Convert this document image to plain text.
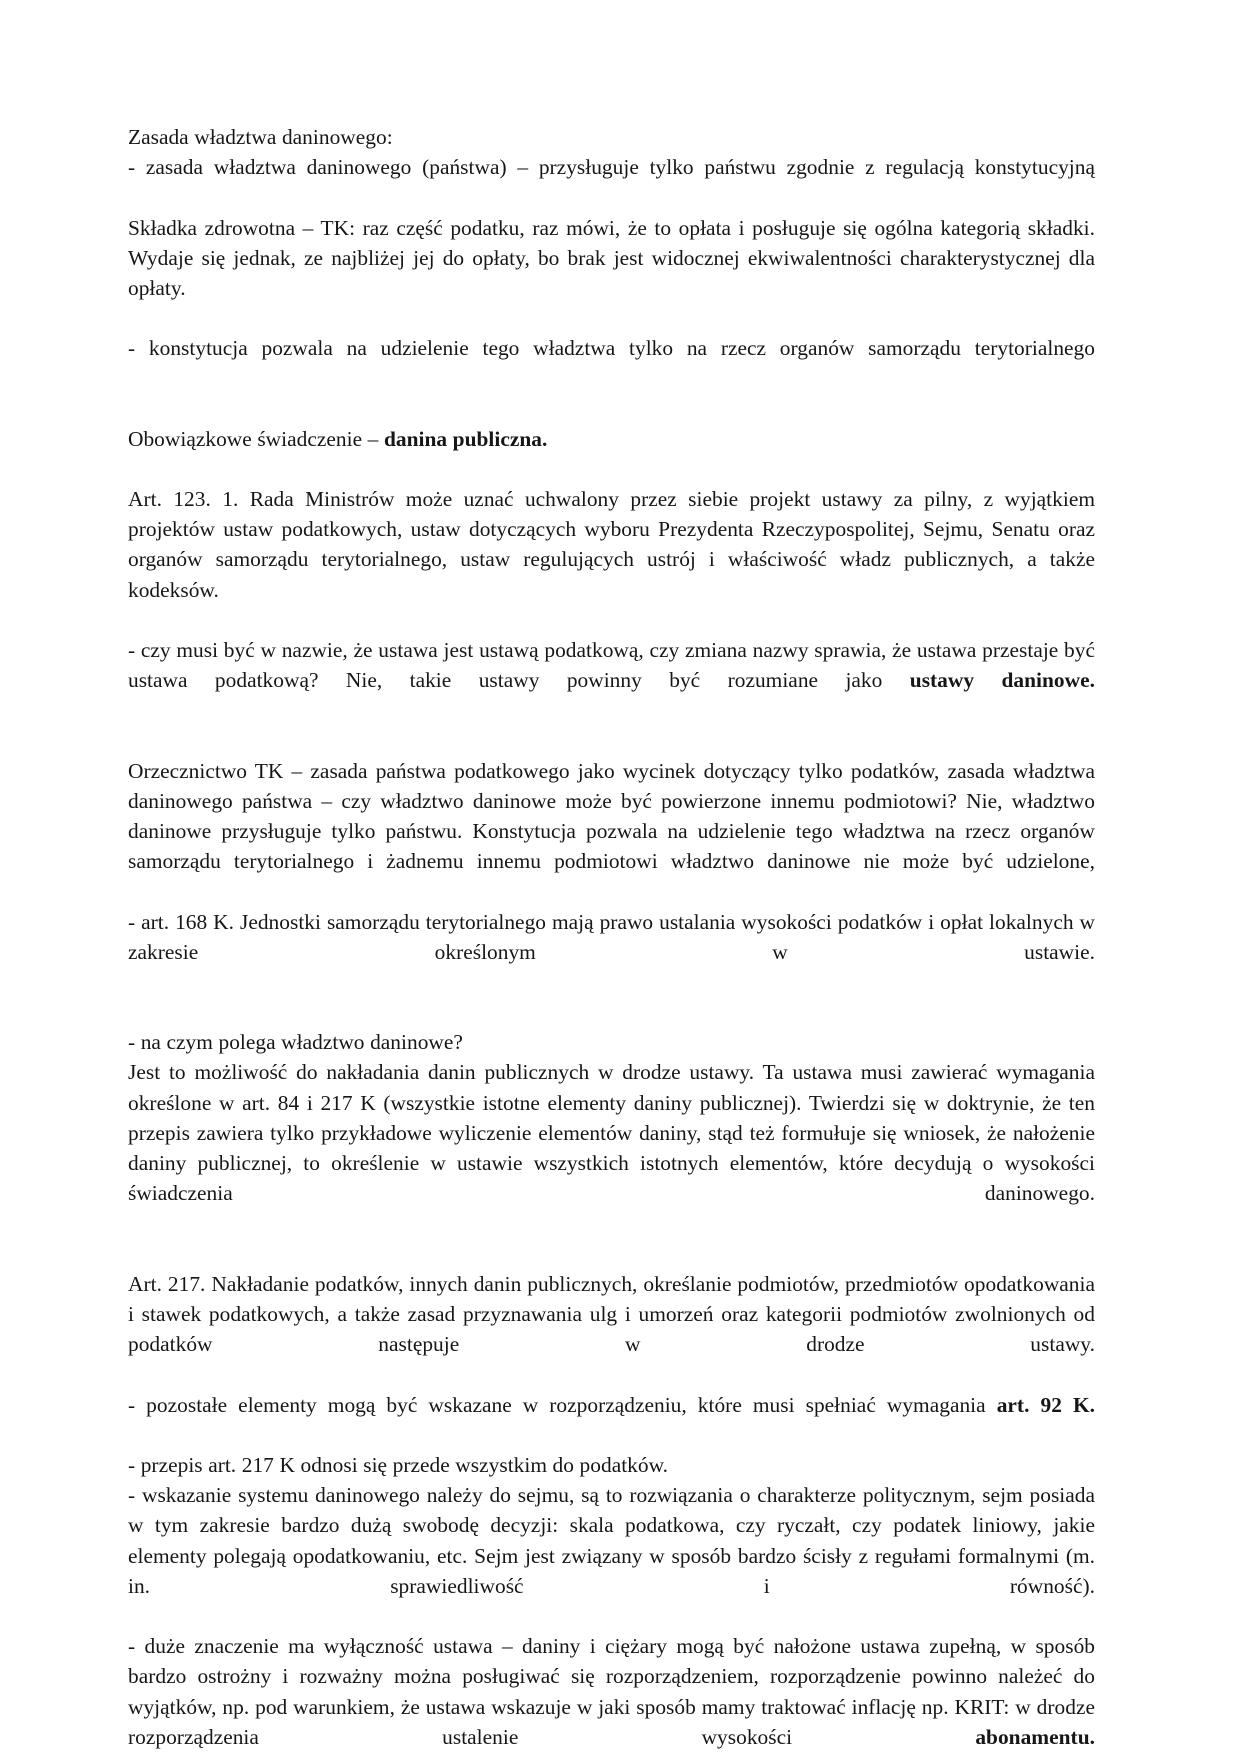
Zasada władztwa daninowego:

- zasada władztwa daninowego (państwa) – przysługuje tylko państwu zgodnie z regulacją konstytucyjną

Składka zdrowotna – TK: raz część podatku, raz mówi, że to opłata i posługuje się ogólna kategorią składki. Wydaje się jednak, ze najbliżej jej do opłaty, bo brak jest widocznej ekwiwalentności charakterystycznej dla opłaty.

- konstytucja pozwala na udzielenie tego władztwa tylko na rzecz organów samorządu terytorialnego

Obowiązkowe świadczenie – danina publiczna.

Art. 123. 1. Rada Ministrów może uznać uchwalony przez siebie projekt ustawy za pilny, z wyjątkiem projektów ustaw podatkowych, ustaw dotyczących wyboru Prezydenta Rzeczypospolitej, Sejmu, Senatu oraz organów samorządu terytorialnego, ustaw regulujących ustrój i właściwość władz publicznych, a także kodeksów.

- czy musi być w nazwie, że ustawa jest ustawą podatkową, czy zmiana nazwy sprawia, że ustawa przestaje być ustawa podatkową? Nie, takie ustawy powinny być rozumiane jako ustawy daninowe.

Orzecznictwo TK – zasada państwa podatkowego jako wycinek dotyczący tylko podatków, zasada władztwa daninowego państwa – czy władztwo daninowe może być powierzone innemu podmiotowi? Nie, władztwo daninowe przysługuje tylko państwu. Konstytucja pozwala na udzielenie tego władztwa na rzecz organów samorządu terytorialnego i żadnemu innemu podmiotowi władztwo daninowe nie może być udzielone,

- art. 168 K. Jednostki samorządu terytorialnego mają prawo ustalania wysokości podatków i opłat lokalnych w zakresie określonym w ustawie.

- na czym polega władztwo daninowe?

Jest to możliwość do nakładania danin publicznych w drodze ustawy. Ta ustawa musi zawierać wymagania określone w art. 84 i 217 K (wszystkie istotne elementy daniny publicznej). Twierdzi się w doktrynie, że ten przepis zawiera tylko przykładowe wyliczenie elementów daniny, stąd też formułuje się wniosek, że nałożenie daniny publicznej, to określenie w ustawie wszystkich istotnych elementów, które decydują o wysokości świadczenia daninowego.

Art. 217. Nakładanie podatków, innych danin publicznych, określanie podmiotów, przedmiotów opodatkowania i stawek podatkowych, a także zasad przyznawania ulg i umorzeń oraz kategorii podmiotów zwolnionych od podatków następuje w drodze ustawy.

- pozostałe elementy mogą być wskazane w rozporządzeniu, które musi spełniać wymagania art. 92 K.

- przepis art. 217 K odnosi się przede wszystkim do podatków.

- wskazanie systemu daninowego należy do sejmu, są to rozwiązania o charakterze politycznym, sejm posiada w tym zakresie bardzo dużą swobodę decyzji: skala podatkowa, czy ryczałt, czy podatek liniowy, jakie elementy polegają opodatkowaniu, etc. Sejm jest związany w sposób bardzo ścisły z regułami formalnymi (m. in. sprawiedliwość i równość).

- duże znaczenie ma wyłączność ustawa – daniny i ciężary mogą być nałożone ustawa zupełną, w sposób bardzo ostrożny i rozważny można posługiwać się rozporządzeniem, rozporządzenie powinno należeć do wyjątków, np. pod warunkiem, że ustawa wskazuje w jaki sposób mamy traktować inflację np. KRIT: w drodze rozporządzenia ustalenie wysokości abonamentu.
